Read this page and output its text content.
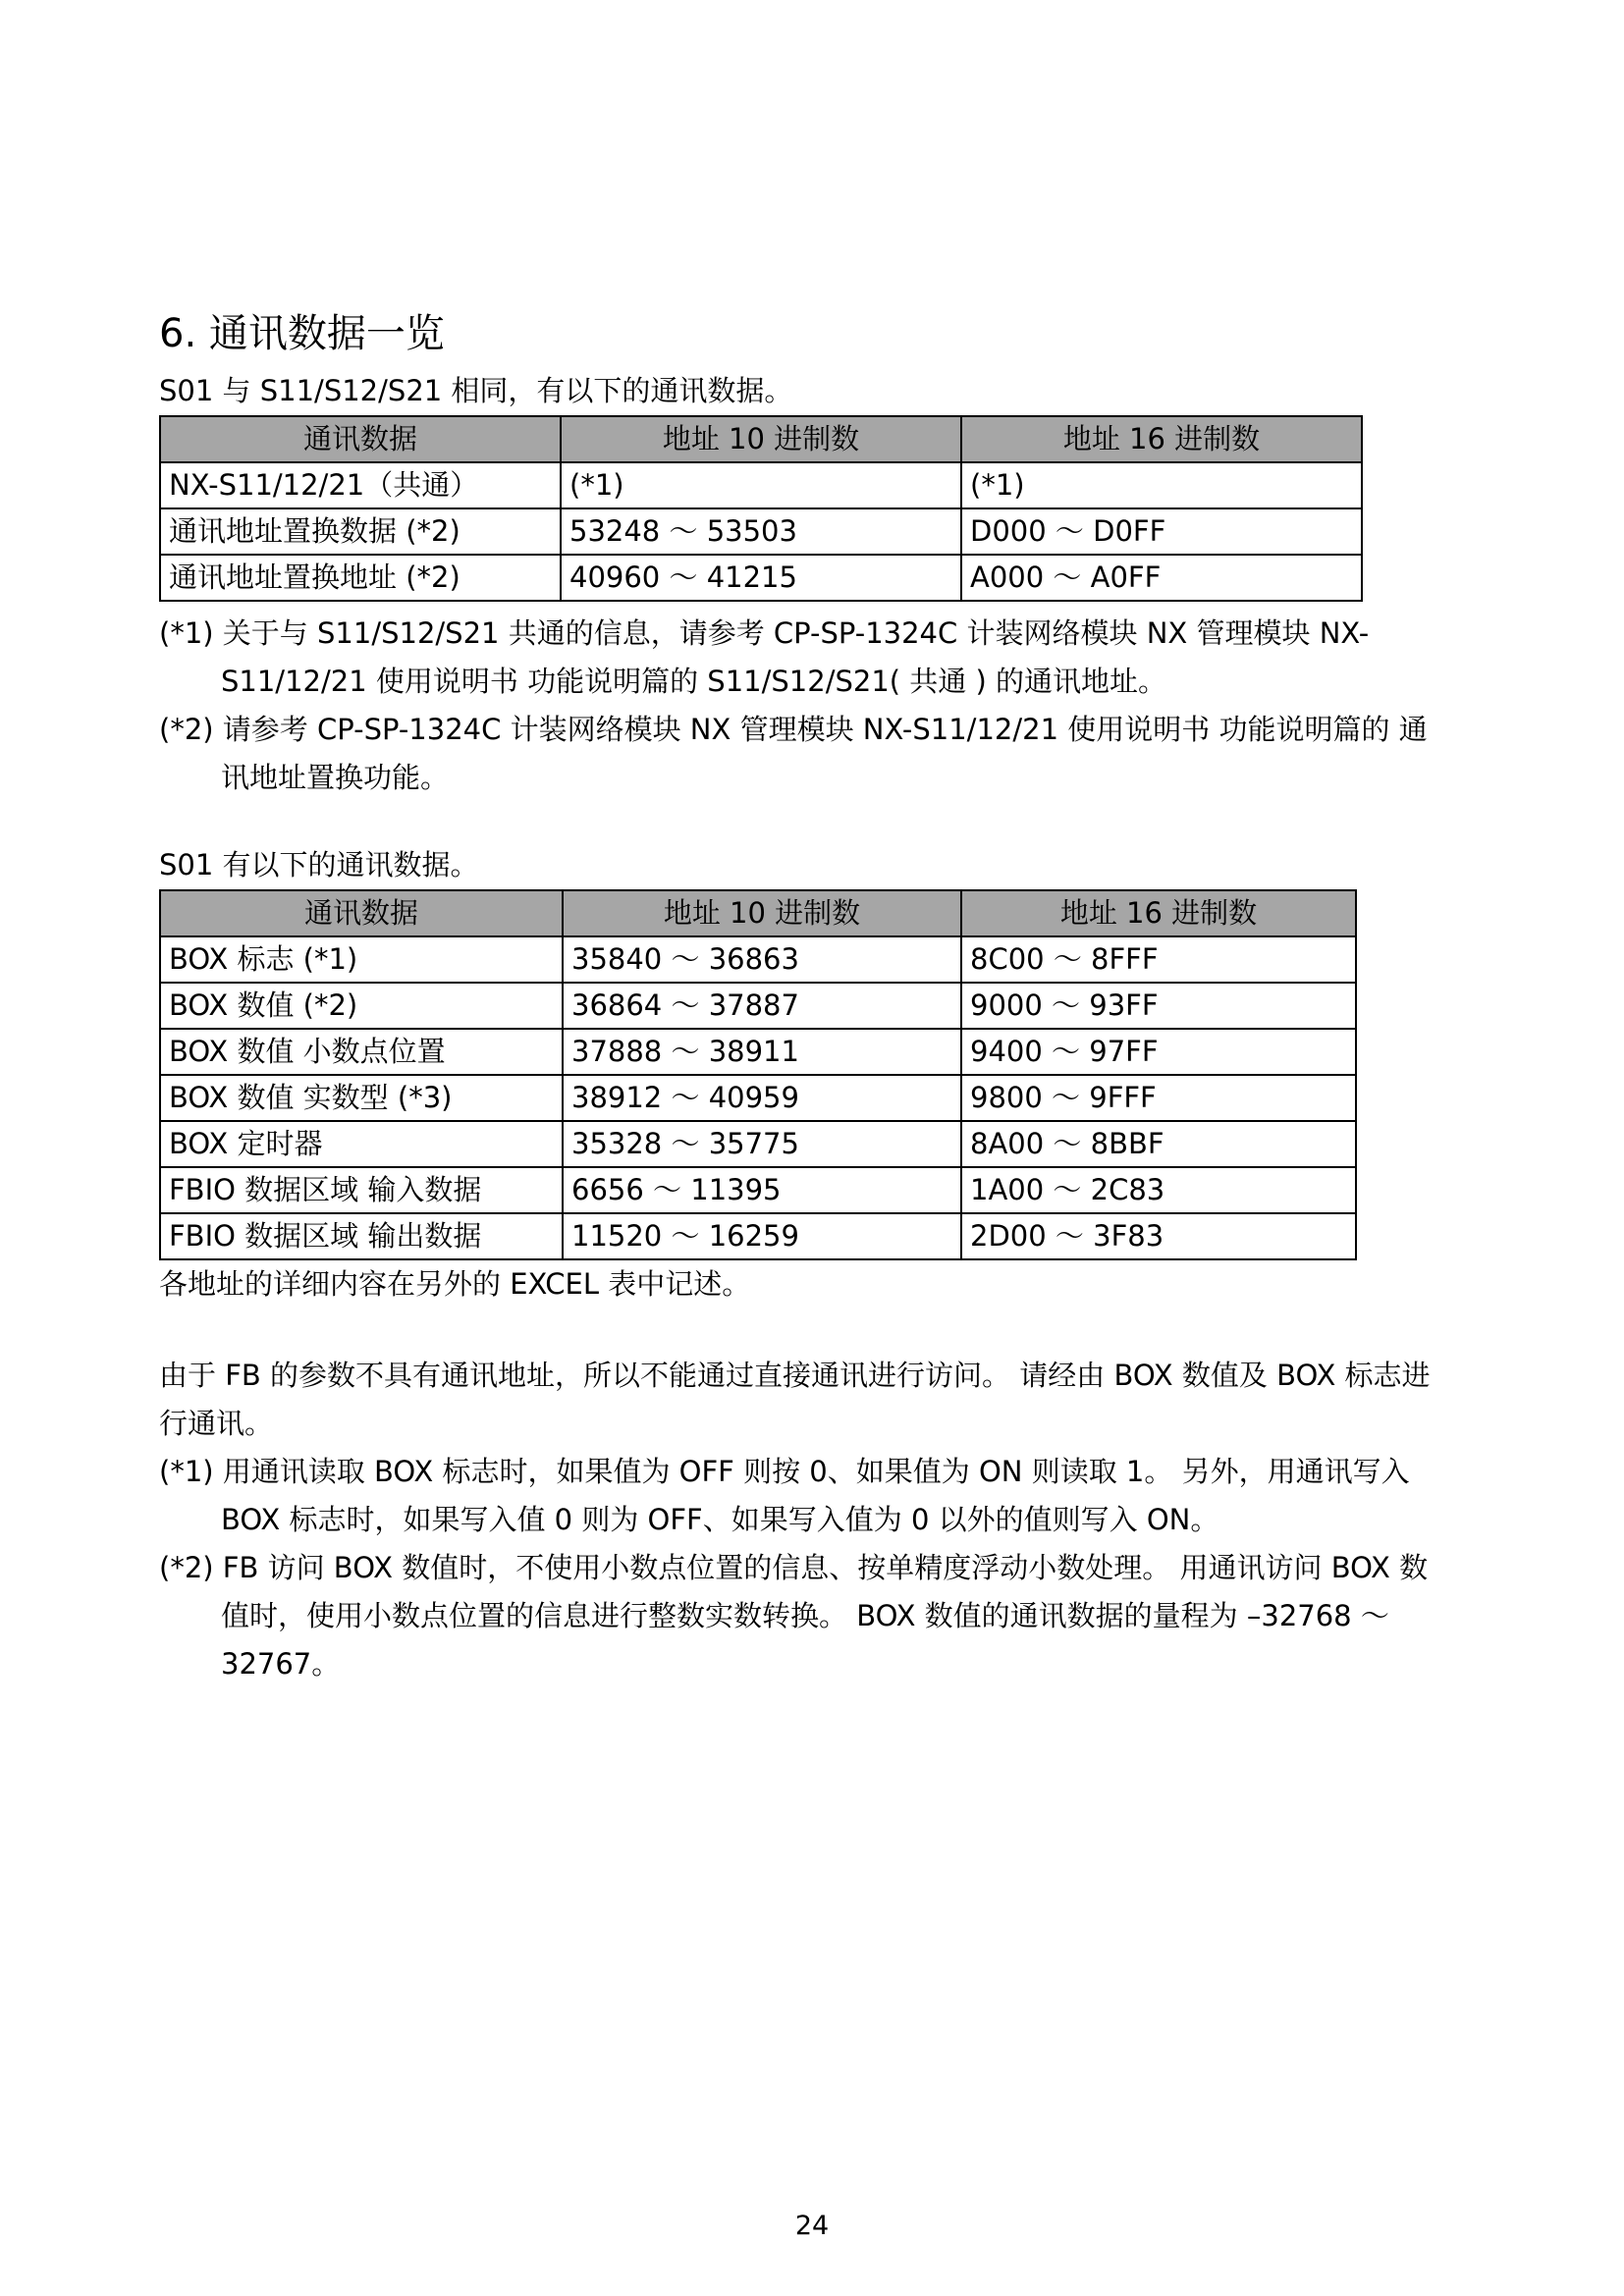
6. 通讯数据一览

S01 与 S11/S12/S21 相同，有以下的通讯数据。

通讯数据	地址 10 进制数	地址 16 进制数
NX-S11/12/21（共通）	(*1)	(*1)
通讯地址置换数据 (*2)	53248 ～ 53503	D000 ～ D0FF
通讯地址置换地址 (*2)	40960 ～ 41215	A000 ～ A0FF

(*1) 关于与 S11/S12/S21 共通的信息，请参考 CP-SP-1324C 计装网络模块 NX 管理模块 NX-S11/12/21 使用说明书 功能说明篇的 S11/S12/S21( 共通 ) 的通讯地址。

(*2) 请参考 CP-SP-1324C 计装网络模块 NX 管理模块 NX-S11/12/21 使用说明书 功能说明篇的 通讯地址置换功能。

S01 有以下的通讯数据。

通讯数据	地址 10 进制数	地址 16 进制数
BOX 标志 (*1)	35840 ～ 36863	8C00 ～ 8FFF
BOX 数值 (*2)	36864 ～ 37887	9000 ～ 93FF
BOX 数值 小数点位置	37888 ～ 38911	9400 ～ 97FF
BOX 数值 实数型 (*3)	38912 ～ 40959	9800 ～ 9FFF
BOX 定时器	35328 ～ 35775	8A00 ～ 8BBF
FBIO 数据区域 输入数据	6656 ～ 11395	1A00 ～ 2C83
FBIO 数据区域 输出数据	11520 ～ 16259	2D00 ～ 3F83

各地址的详细内容在另外的 EXCEL 表中记述。

由于 FB 的参数不具有通讯地址，所以不能通过直接通讯进行访问。 请经由 BOX 数值及 BOX 标志进行通讯。

(*1) 用通讯读取 BOX 标志时，如果值为 OFF 则按 0、如果值为 ON 则读取 1。 另外，用通讯写入 BOX 标志时，如果写入值 0 则为 OFF、如果写入值为 0 以外的值则写入 ON。

(*2) FB 访问 BOX 数值时，不使用小数点位置的信息、按单精度浮动小数处理。 用通讯访问 BOX 数值时，使用小数点位置的信息进行整数实数转换。 BOX 数值的通讯数据的量程为 –32768 ～ 32767。

24
